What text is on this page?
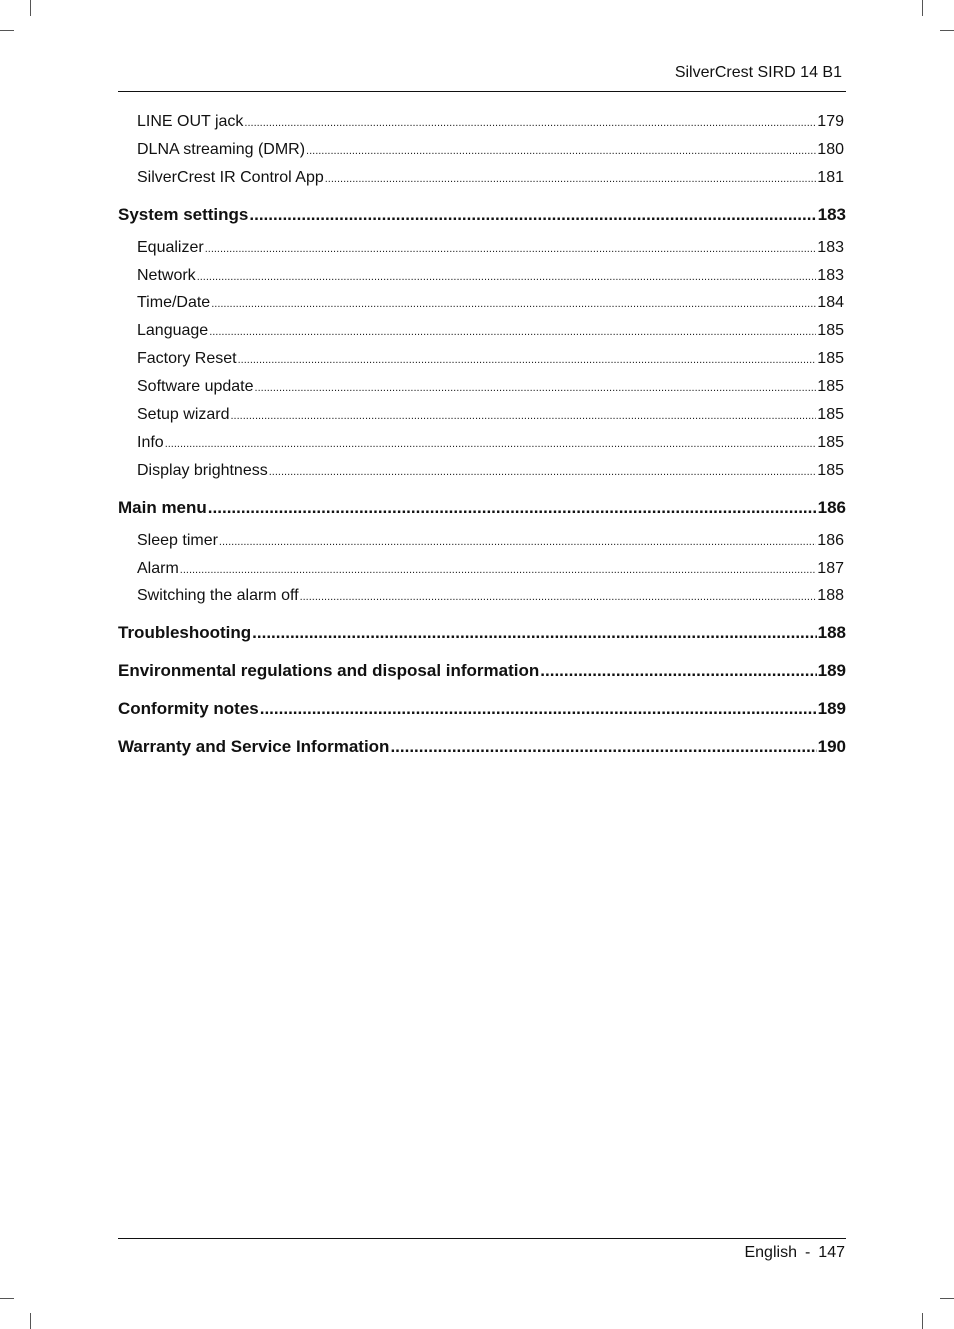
SilverCrest SIRD 14 B1
LINE OUT jack .....	179
DLNA streaming (DMR) .....	180
SilverCrest IR Control App .....	181
System settings .....	183
Equalizer .....	183
Network .....	183
Time/Date .....	184
Language .....	185
Factory Reset .....	185
Software update .....	185
Setup wizard .....	185
Info .....	185
Display brightness .....	185
Main menu .....	186
Sleep timer .....	186
Alarm .....	187
Switching the alarm off .....	188
Troubleshooting .....	188
Environmental regulations and disposal information .....	189
Conformity notes .....	189
Warranty and Service Information .....	190
English - 147
